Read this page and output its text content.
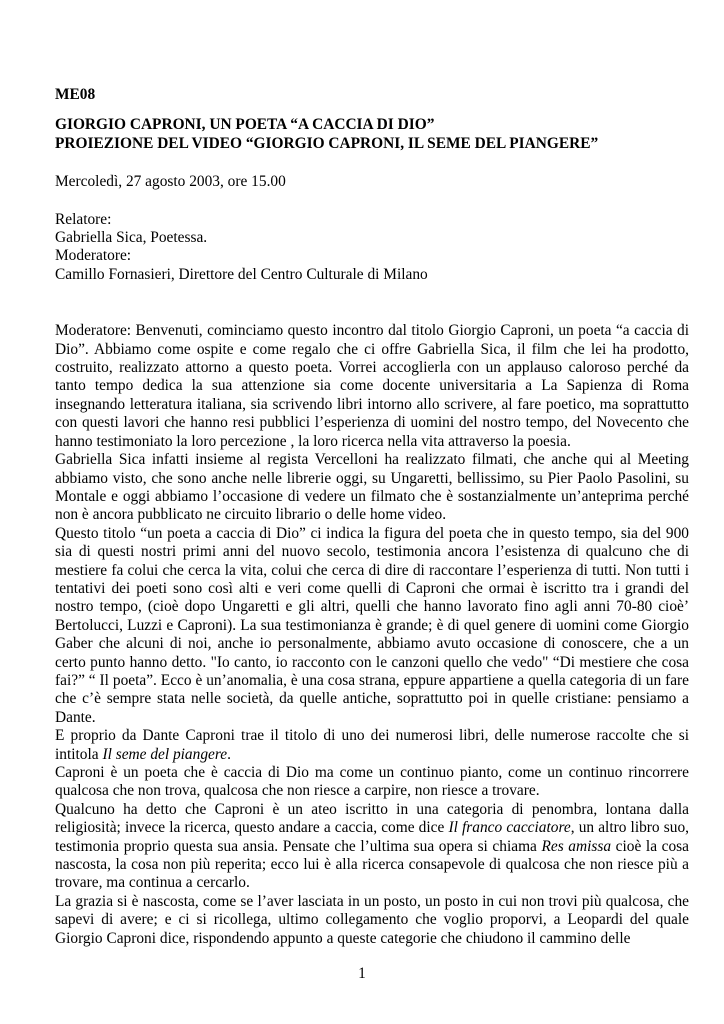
ME08
GIORGIO CAPRONI, UN POETA “A CACCIA DI DIO”
PROIEZIONE DEL VIDEO “GIORGIO CAPRONI, IL SEME DEL PIANGERE”
Mercoledì, 27 agosto 2003, ore 15.00
Relatore:
Gabriella Sica, Poetessa.
Moderatore:
Camillo Fornasieri, Direttore del Centro Culturale di Milano

Moderatore: Benvenuti, cominciamo questo incontro dal titolo Giorgio Caproni, un poeta “a caccia di Dio”. Abbiamo come ospite e come regalo che ci offre Gabriella Sica, il film che lei ha prodotto, costruito, realizzato attorno a questo poeta. Vorrei accoglierla con un applauso caloroso perché da tanto tempo dedica la sua attenzione sia come docente universitaria a La Sapienza di Roma insegnando letteratura italiana, sia scrivendo libri intorno allo scrivere, al fare poetico, ma soprattutto con questi lavori che hanno resi pubblici l’esperienza di uomini del nostro tempo, del Novecento che hanno testimoniato la loro percezione , la loro ricerca nella vita attraverso la poesia.

Gabriella Sica infatti insieme al regista Vercelloni ha realizzato filmati, che anche qui al Meeting abbiamo visto, che sono anche nelle librerie oggi, su Ungaretti, bellissimo, su Pier Paolo Pasolini, su Montale e oggi abbiamo l’occasione di vedere un filmato che è sostanzialmente un’anteprima perché non è ancora pubblicato ne circuito librario o delle home video.

Questo titolo “un poeta a caccia di Dio” ci indica la figura del poeta che in questo tempo, sia del 900 sia di questi nostri primi anni del nuovo secolo, testimonia ancora l’esistenza di qualcuno che di mestiere fa colui che cerca la vita, colui che cerca di dire di raccontare l’esperienza di tutti. Non tutti i tentativi dei poeti sono così alti e veri come quelli di Caproni che ormai è iscritto tra i grandi del nostro tempo, (cioè dopo Ungaretti e gli altri, quelli che hanno lavorato fino agli anni 70-80 cioè’ Bertolucci, Luzzi e Caproni). La sua testimonianza è grande; è di quel genere di uomini come Giorgio Gaber che alcuni di noi, anche io personalmente, abbiamo avuto occasione di conoscere, che a un certo punto hanno detto. "Io canto, io racconto con le canzoni quello che vedo" “Di mestiere che cosa fai?” “ Il poeta”. Ecco è un’anomalia, è una cosa strana, eppure appartiene a quella categoria di un fare che c’è sempre stata nelle società, da quelle antiche, soprattutto poi in quelle cristiane: pensiamo a Dante.

E proprio da Dante Caproni trae il titolo di uno dei numerosi libri, delle numerose raccolte che si intitola Il seme del piangere.

Caproni è un poeta che è caccia di Dio ma come un continuo pianto, come un continuo rincorrere qualcosa che non trova, qualcosa che non riesce a carpire, non riesce a trovare.

Qualcuno ha detto che Caproni è un ateo iscritto in una categoria di penombra, lontana dalla religiosità; invece la ricerca, questo andare a caccia, come dice Il franco cacciatore, un altro libro suo, testimonia proprio questa sua ansia. Pensate che l’ultima sua opera si chiama Res amissa cioè la cosa nascosta, la cosa non più reperita; ecco lui è alla ricerca consapevole di qualcosa che non riesce più a trovare, ma continua a cercarlo.

La grazia si è nascosta, come se l’aver lasciata in un posto, un posto in cui non trovi più qualcosa, che sapevi di avere; e ci si ricollega, ultimo collegamento che voglio proporvi, a Leopardi del quale Giorgio Caproni dice, rispondendo appunto a queste categorie che chiudono il cammino delle

1
